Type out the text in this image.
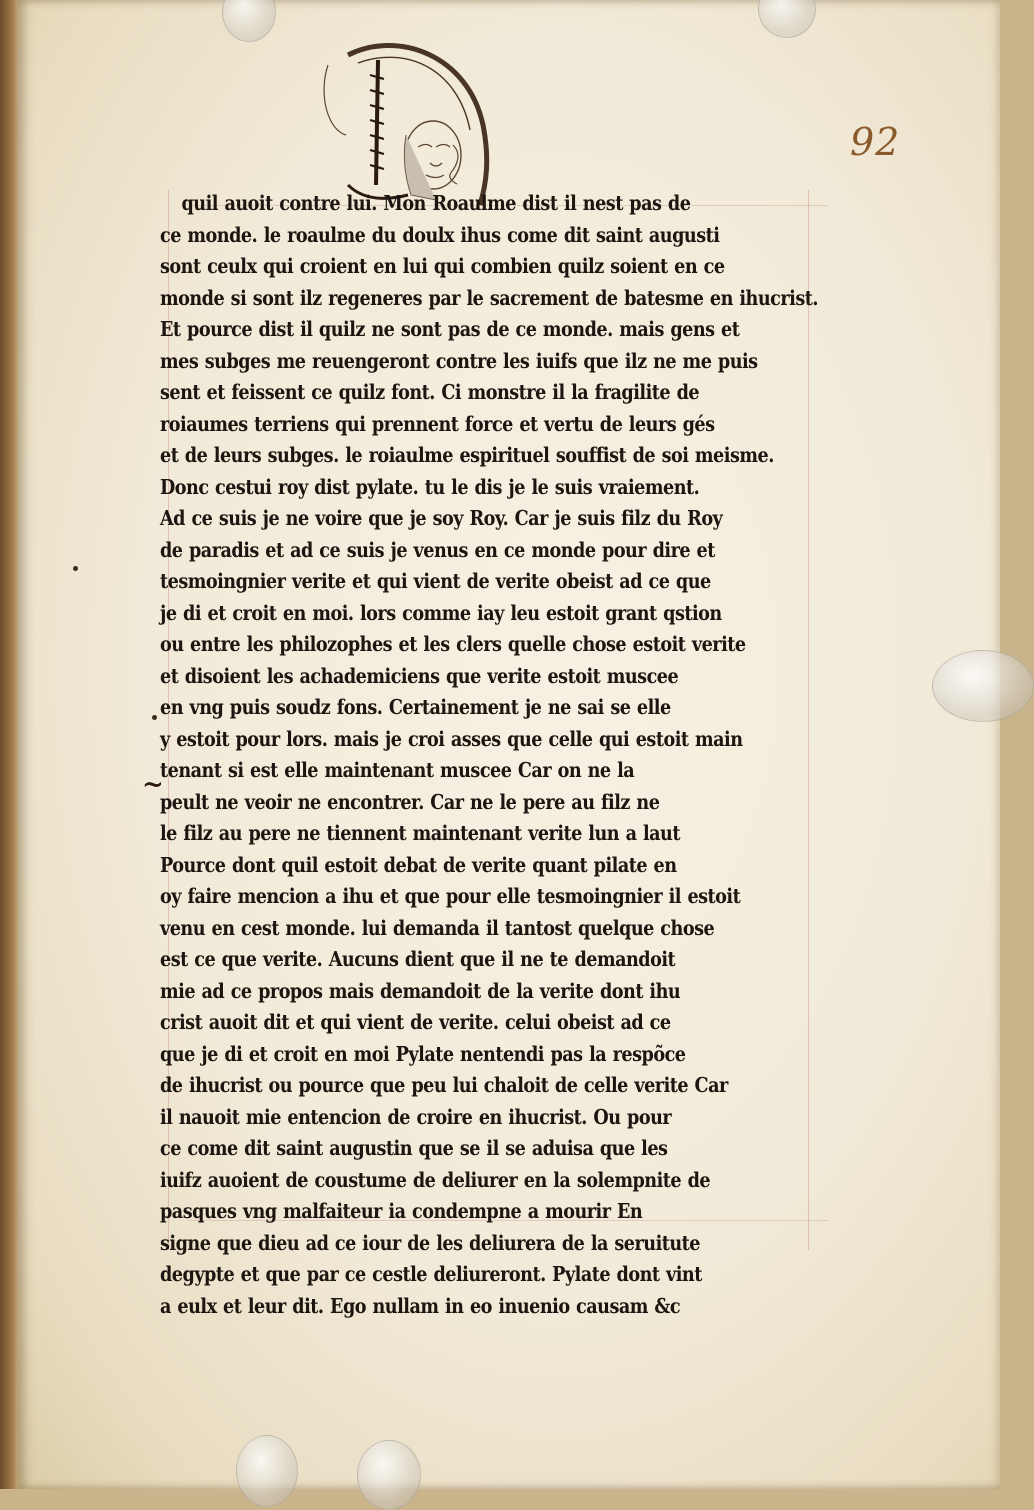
92
~
quil auoit contre lui. Mon Roaulme dist il nest pas de
ce monde. le roaulme du doulx ihus come dit saint augusti
sont ceulx qui croient en lui qui combien quilz soient en ce
monde si sont ilz regeneres par le sacrement de batesme en ihucrist.
Et pource dist il quilz ne sont pas de ce monde. mais gens et
mes subges me reuengeront contre les iuifs que ilz ne me puis
sent et feissent ce quilz font. Ci monstre il la fragilite de
roiaumes terriens qui prennent force et vertu de leurs gés
et de leurs subges. le roiaulme espirituel souffist de soi meisme.
Donc cestui roy dist pylate. tu le dis je le suis vraiement.
Ad ce suis je ne voire que je soy Roy. Car je suis filz du Roy
de paradis et ad ce suis je venus en ce monde pour dire et
tesmoingnier verite et qui vient de verite obeist ad ce que
je di et croit en moi. lors comme iay leu estoit grant qstion
ou entre les philozophes et les clers quelle chose estoit verite
et disoient les achademiciens que verite estoit muscee
en vng puis soudz fons. Certainement je ne sai se elle
y estoit pour lors. mais je croi asses que celle qui estoit main
tenant si est elle maintenant muscee Car on ne la
peult ne veoir ne encontrer. Car ne le pere au filz ne
le filz au pere ne tiennent maintenant verite lun a laut
Pource dont quil estoit debat de verite quant pilate en
oy faire mencion a ihu et que pour elle tesmoingnier il estoit
venu en cest monde. lui demanda il tantost quelque chose
est ce que verite. Aucuns dient que il ne te demandoit
mie ad ce propos mais demandoit de la verite dont ihu
crist auoit dit et qui vient de verite. celui obeist ad ce
que je di et croit en moi Pylate nentendi pas la respõce
de ihucrist ou pource que peu lui chaloit de celle verite Car
il nauoit mie entencion de croire en ihucrist. Ou pour
ce come dit saint augustin que se il se aduisa que les
iuifz auoient de coustume de deliurer en la solempnite de
pasques vng malfaiteur ia condempne a mourir En
signe que dieu ad ce iour de les deliurera de la seruitute
degypte et que par ce cestle deliureront. Pylate dont vint
a eulx et leur dit. Ego nullam in eo inuenio causam &c
